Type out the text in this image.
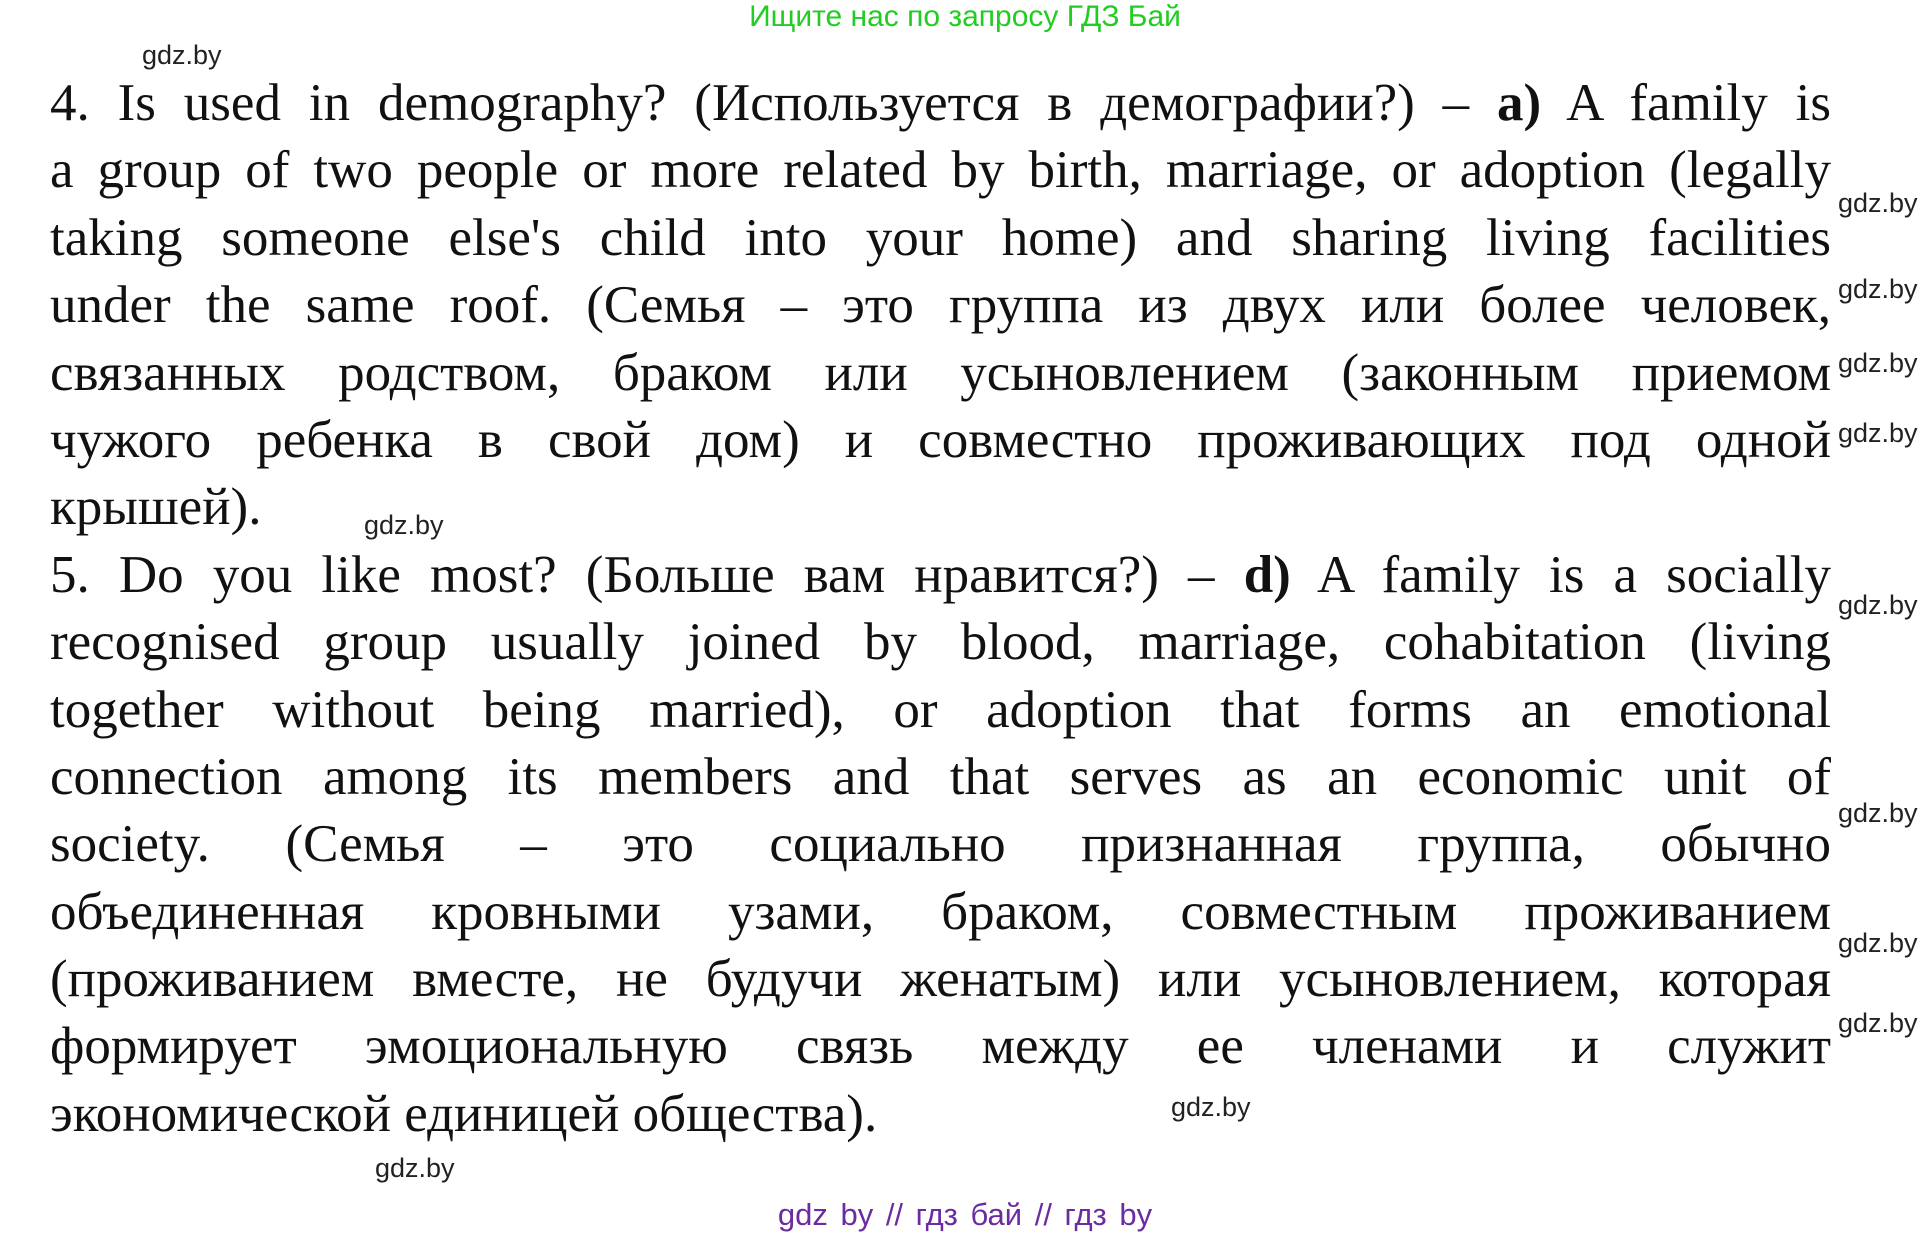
Ищите нас по запросу ГДЗ Бай
4. Is used in demography? (Используется в демографии?) – a) A family is
a group of two people or more related by birth, marriage, or adoption (legally
taking someone else's child into your home) and sharing living facilities
under the same roof. (Семья – это группа из двух или более человек,
связанных родством, браком или усыновлением (законным приемом
чужого ребенка в свой дом) и совместно проживающих под одной
крышей).
5. Do you like most? (Больше вам нравится?) – d) A family is a socially
recognised group usually joined by blood, marriage, cohabitation (living
together without being married), or adoption that forms an emotional
connection among its members and that serves as an economic unit of
society. (Семья – это социально признанная группа, обычно
объединенная кровными узами, браком, совместным проживанием
(проживанием вместе, не будучи женатым) или усыновлением, которая
формирует эмоциональную связь между ее членами и служит
экономической единицей общества).
gdz.by
gdz.by
gdz.by
gdz.by
gdz.by
gdz.by
gdz.by
gdz.by
gdz.by
gdz.by
gdz.by
gdz.by
gdz by // гдз бай // гдз by
